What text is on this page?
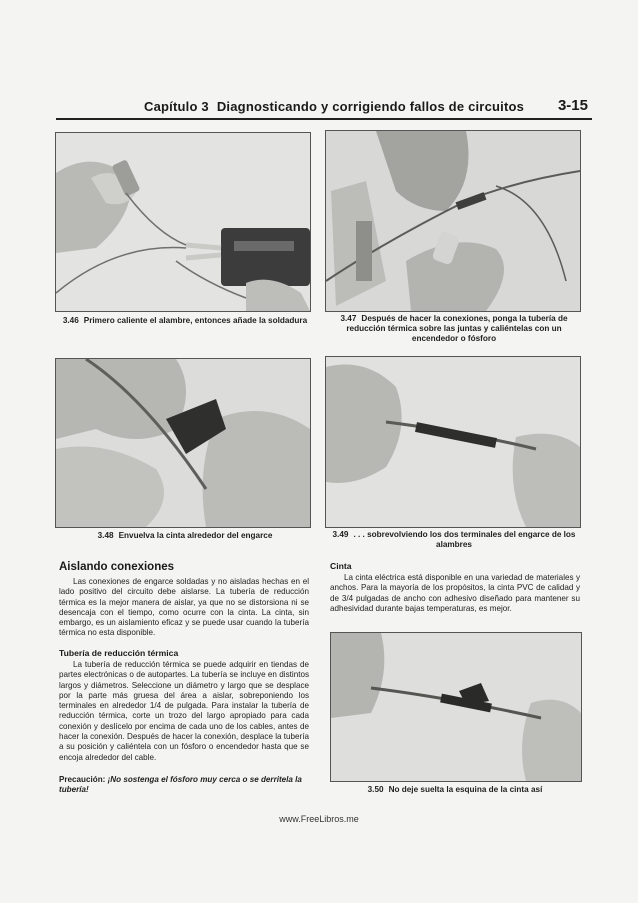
Capítulo 3 Diagnosticando y corrigiendo fallos de circuitos 3-15
3.46 Primero caliente el alambre, entonces añade la soldadura	3.47 Después de hacer la conexiones, ponga la tubería de reducción térmica sobre las juntas y caliéntelas con un encendedor o fósforo
3.48 Envuelva la cinta alrededor del engarce	3.49 . . . sobrevolviendo los dos terminales del engarce de los alambres
Aislando conexiones
Las conexiones de engarce soldadas y no aisladas hechas en el lado positivo del circuito debe aislarse. La tubería de reducción térmica es la mejor manera de aislar, ya que no se distorsiona ni se desencaja con el tiempo, como ocurre con la cinta. La cinta, sin embargo, es un aislamiento eficaz y se puede usar cuando la tubería térmica no esta disponible.
Tubería de reducción térmica
La tubería de reducción térmica se puede adquirir en tiendas de partes electrónicas o de autopartes. La tubería se incluye en distintos largos y diámetros. Seleccione un diámetro y largo que se desplace por la parte más gruesa del área a aislar, sobreponiendo los terminales en alrededor 1/4 de pulgada. Para instalar la tubería de reducción térmica, corte un trozo del largo apropiado para cada conexión y deslícelo por encima de cada uno de los cables, antes de hacer la conexión. Después de hacer la conexión, desplace la tubería a su posición y caliéntela con un fósforo o encendedor hasta que se encoja alrededor del cable.
Precaución: ¡No sostenga el fósforo muy cerca o se derritela la tubería!
Cinta
La cinta eléctrica está disponible en una variedad de materiales y anchos. Para la mayoría de los propósitos, la cinta PVC de calidad y de 3/4 pulgadas de ancho con adhesivo diseñado para mantener su adhesividad durante bajas temperaturas, es mejor.
3.50 No deje suelta la esquina de la cinta así
www.FreeLibros.me
